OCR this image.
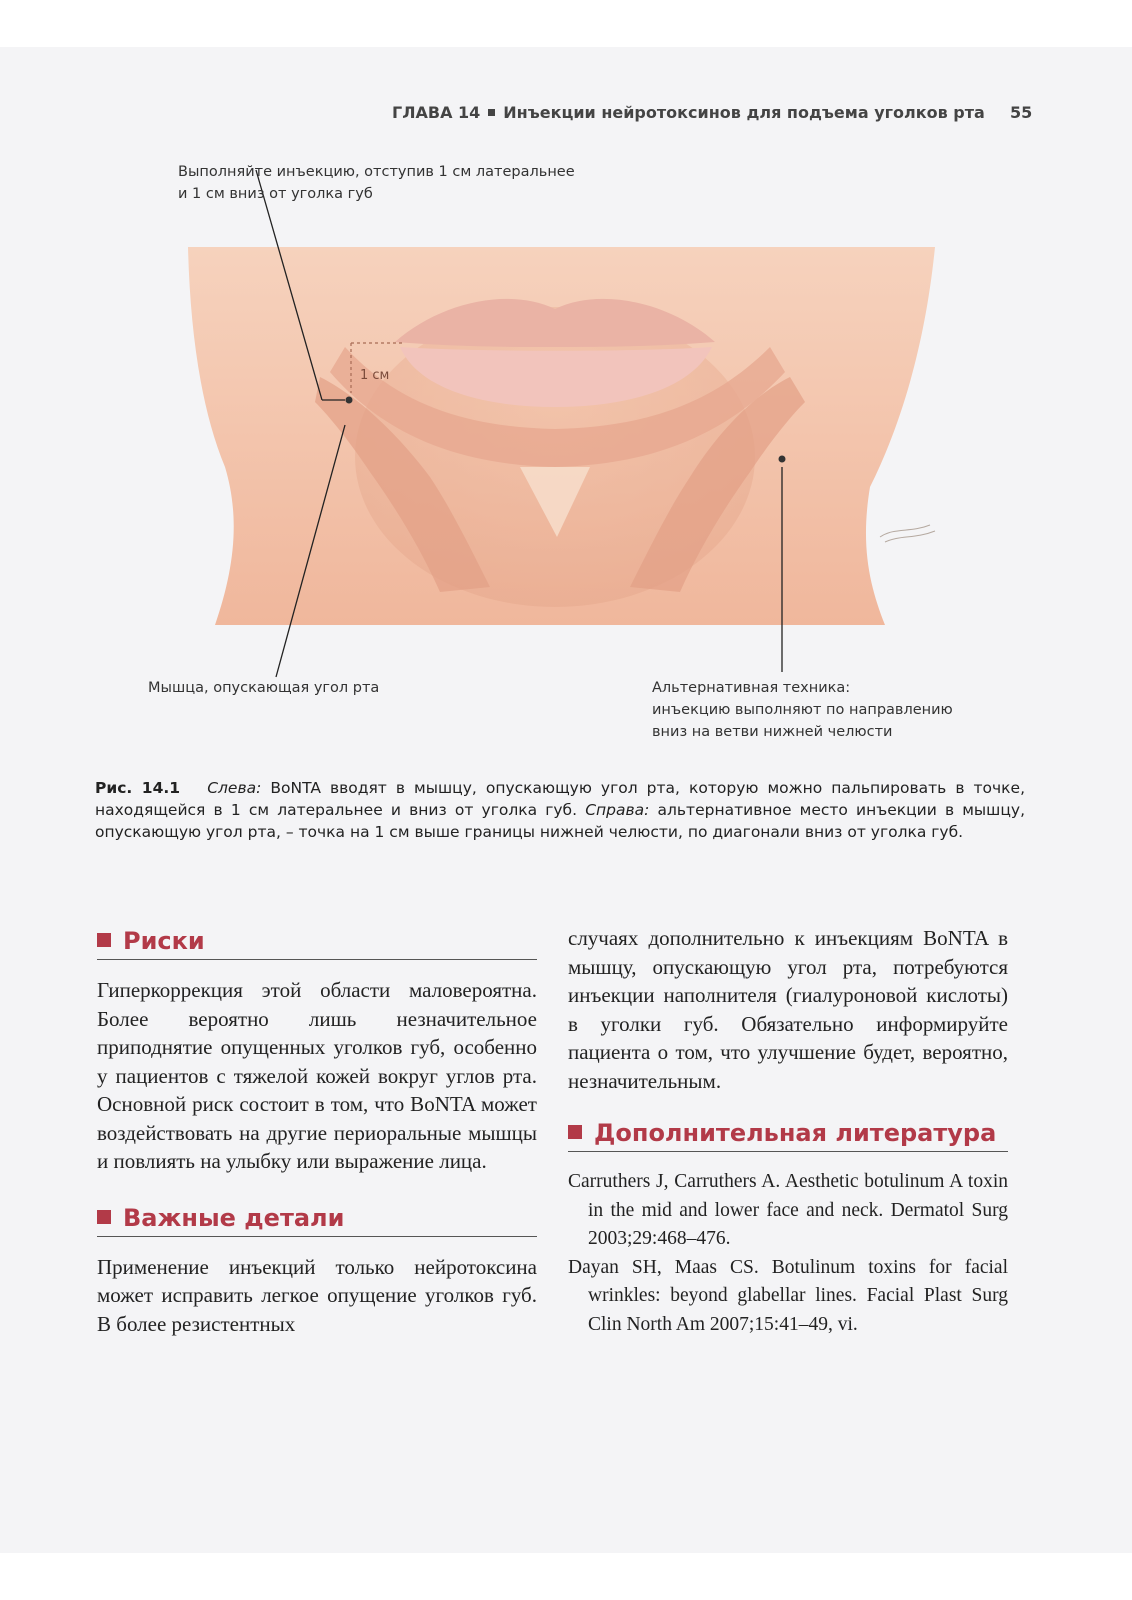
ГЛАВА 14 Инъекции нейротоксинов для подъема уголков рта 55
Выполняйте инъекцию, отступив 1 см латеральнее
и 1 см вниз от уголка губ
1 см
Мышца, опускающая угол рта	Альтернативная техника:
инъекцию выполняют по направлению
вниз на ветви нижней челюсти
Рис. 14.1 Слева: BoNTA вводят в мышцу, опускающую угол рта, которую можно пальпировать в точке, находящейся в 1 см латеральнее и вниз от уголка губ. Справа: альтернативное место инъекции в мышцу, опускающую угол рта, – точка на 1 см выше границы нижней челюсти, по диагонали вниз от уголка губ.
Риски

Гиперкоррекция этой области маловероятна. Более вероятно лишь незначительное приподнятие опущенных уголков губ, особенно у пациентов с тяжелой кожей вокруг углов рта. Основной риск состоит в том, что BoNTA может воздействовать на другие периоральные мышцы и повлиять на улыбку или выражение лица.

Важные детали

Применение инъекций только нейротоксина может исправить легкое опущение уголков губ. В более резистентных

случаях дополнительно к инъекциям BoNTA в мышцу, опускающую угол рта, потребуются инъекции наполнителя (гиалуроновой кислоты) в уголки губ. Обязательно информируйте пациента о том, что улучшение будет, вероятно, незначительным.

Дополнительная литература

Carruthers J, Carruthers A. Aesthetic botulinum A toxin in the mid and lower face and neck. Dermatol Surg 2003;29:468–476.

Dayan SH, Maas CS. Botulinum toxins for facial wrinkles: beyond glabellar lines. Facial Plast Surg Clin North Am 2007;15:41–49, vi.
